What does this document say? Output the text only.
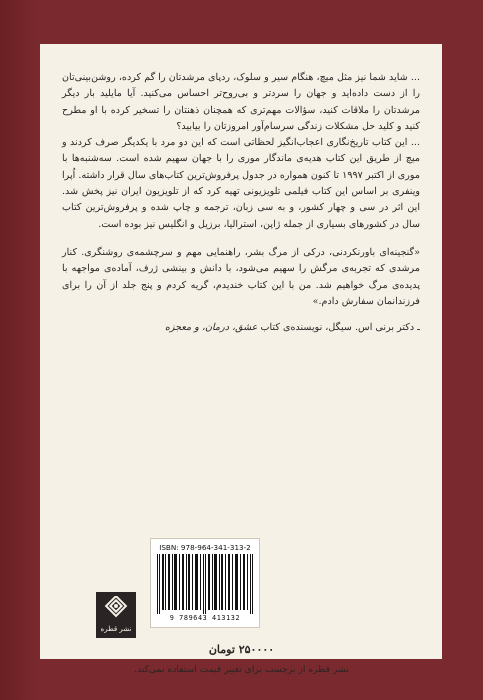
... شاید شما نیز مثل میچ، هنگام سیر و سلوک، ردپای مرشدتان را گم کرده، روشن‌بینی‌تان را از دست داده‌اید و جهان را سردتر و بی‌روح‌تر احساس می‌کنید. آیا مایلید بار دیگر مرشدتان را ملاقات کنید، سؤالات مهم‌تری که همچنان ذهنتان را تسخیر کرده با او مطرح کنید و کلید حل مشکلات زندگی سرسام‌آور امروزتان را بیابید؟

... این کتاب تاریخ‌نگاری اعجاب‌انگیز لحظاتی است که این دو مرد با یکدیگر صرف کردند و میچ از طریق این کتاب هدیه‌ی ماندگار موری را با جهان سهیم شده است. سه‌شنبه‌ها با موری از اکتبر ۱۹۹۷ تا کنون همواره در جدول پرفروش‌ترین کتاب‌های سال قرار داشته. اُپرا وینفری بر اساس این کتاب فیلمی تلویزیونی تهیه کرد که از تلویزیون ایران نیز پخش شد. این اثر در سی و چهار کشور، و به سی زبان، ترجمه و چاپ شده و پرفروش‌ترین کتاب سال در کشورهای بسیاری از جمله ژاپن، استرالیا، برزیل و انگلیس نیز بوده است.

«گنجینه‌ای باورنکردنی، درکی از مرگ بشر، راهنمایی مهم و سرچشمه‌ی روشنگری. کنار مرشدی که تجربه‌ی مرگش را سهیم می‌شود، با دانش و بینشی ژرف، آماده‌ی مواجهه با پدیده‌ی مرگ خواهیم شد. من با این کتاب خندیدم، گریه کردم و پنج جلد از آن را برای فرزندانمان سفارش دادم.»

ـ دکتر برنی اس. سیگل، نویسنده‌ی کتاب عشق، درمان، و معجزه
ISBN: 978-964-341-313-2
9 789643 413132
نشر قطره
۲۵۰۰۰۰ تومان
نشر قطره از برچسب برای تغییر قیمت استفاده نمی‌کند.
